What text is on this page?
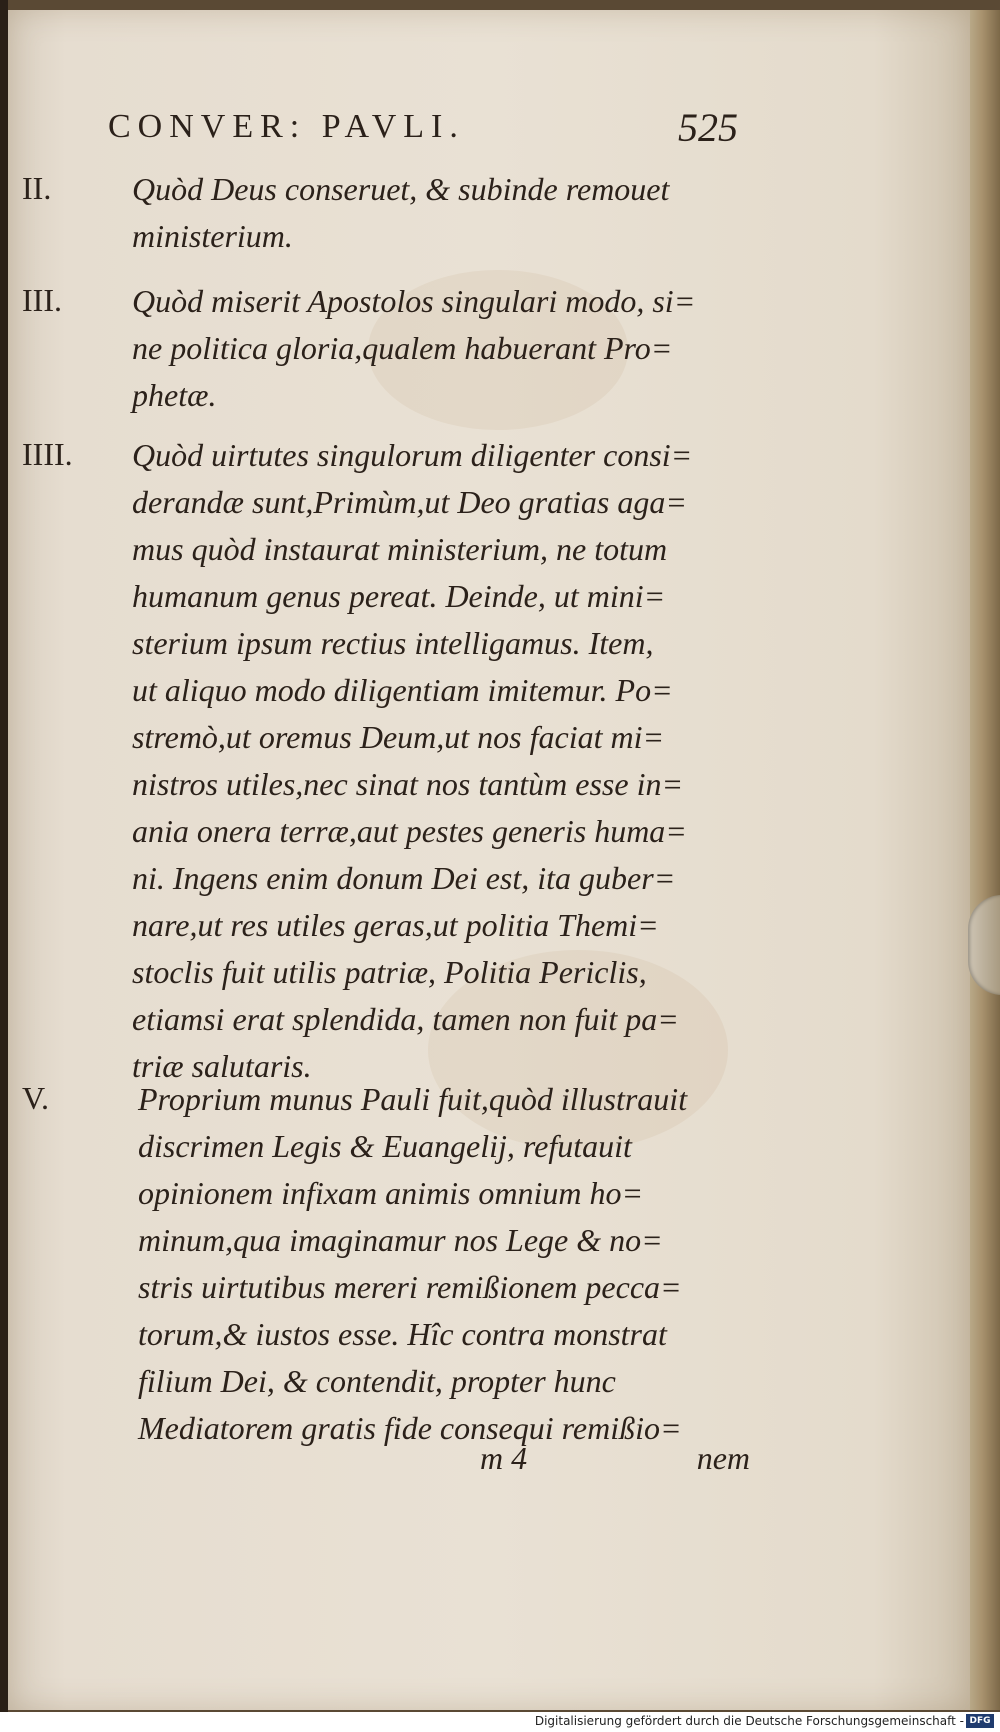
CONVER: PAVLI.	525
II.	Quòd Deus conseruet, & subinde remouet
ministerium.
III. Quòd miserit Apostolos singulari modo, si=
ne politica gloria,qualem habuerant Pro=
phetæ.
IIII. Quòd uirtutes singulorum diligenter consi=
derandæ sunt,Primùm,ut Deo gratias aga=
mus quòd instaurat ministerium, ne totum
humanum genus pereat. Deinde, ut mini=
sterium ipsum rectius intelligamus. Item,
ut aliquo modo diligentiam imitemur. Po=
stremò,ut oremus Deum,ut nos faciat mi=
nistros utiles,nec sinat nos tantùm esse in=
ania onera terræ,aut pestes generis huma=
ni. Ingens enim donum Dei est, ita guber=
nare,ut res utiles geras,ut politia Themi=
stoclis fuit utilis patriæ, Politia Periclis,
etiamsi erat splendida, tamen non fuit pa=
triæ salutaris.
V.	Proprium munus Pauli fuit,quòd illustrauit
discrimen Legis & Euangelij, refutauit
opinionem infixam animis omnium ho=
minum,qua imaginamur nos Lege & no=
stris uirtutibus mereri remißionem pecca=
torum,& iustos esse. Hîc contra monstrat
filium Dei, & contendit, propter hunc
Mediatorem gratis fide consequi remißio=
m 4	nem
Digitalisierung gefördert durch die Deutsche Forschungsgemeinschaft - DFG
